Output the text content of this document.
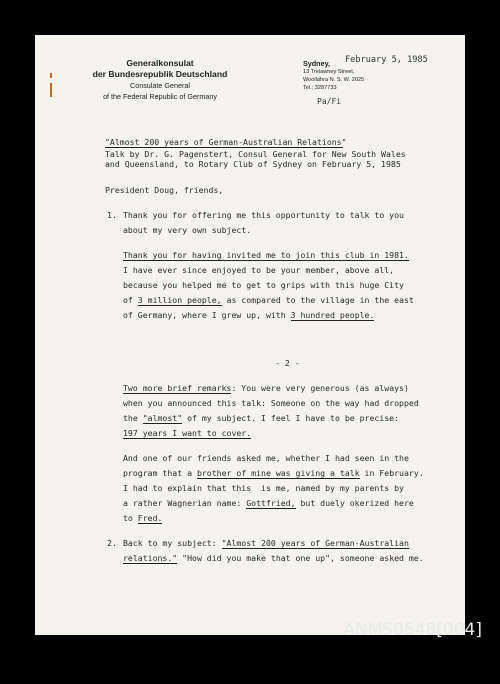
Generalkonsulat
der Bundesrepublik Deutschland
Consulate General
of the Federal Republic of Germany
Sydney,
13 Trelawney Street,
Woollahra N. S. W. 2025
Tel.: 3287733
February 5, 1985
Pa/Fi
"Almost 200 years of German-Australian Relations"
Talk by Dr. G. Pagenstert, Consul General for New South Wales
and Queensland, to Rotary Club of Sydney on February 5, 1985
President Doug, friends,
1. Thank you for offering me this opportunity to talk to you
about my very own subject.
Thank you for having invited me to join this club in 1981.
I have ever since enjoyed to be your member, above all,
because you helped me to get to grips with this huge City
of 3 million people, as compared to the village in the east
of Germany, where I grew up, with 3 hundred people.
- 2 -
Two more brief remarks: You were very generous (as always)
when you announced this talk: Someone on the way had dropped
the "almost" of my subject. I feel I have to be precise:
197 years I want to cover.
And one of our friends asked me, whether I had seen in the
program that a brother of mine was giving a talk in February.
I had to explain that this  is me, named by my parents by
a rather Wagnerian name: Gottfried, but duely okerized here
to Fred.
2. Back to my subject: "Almost 200 years of German-Australian
relations." "How did you make that one up", someone asked me.
ANMS0548[004]
